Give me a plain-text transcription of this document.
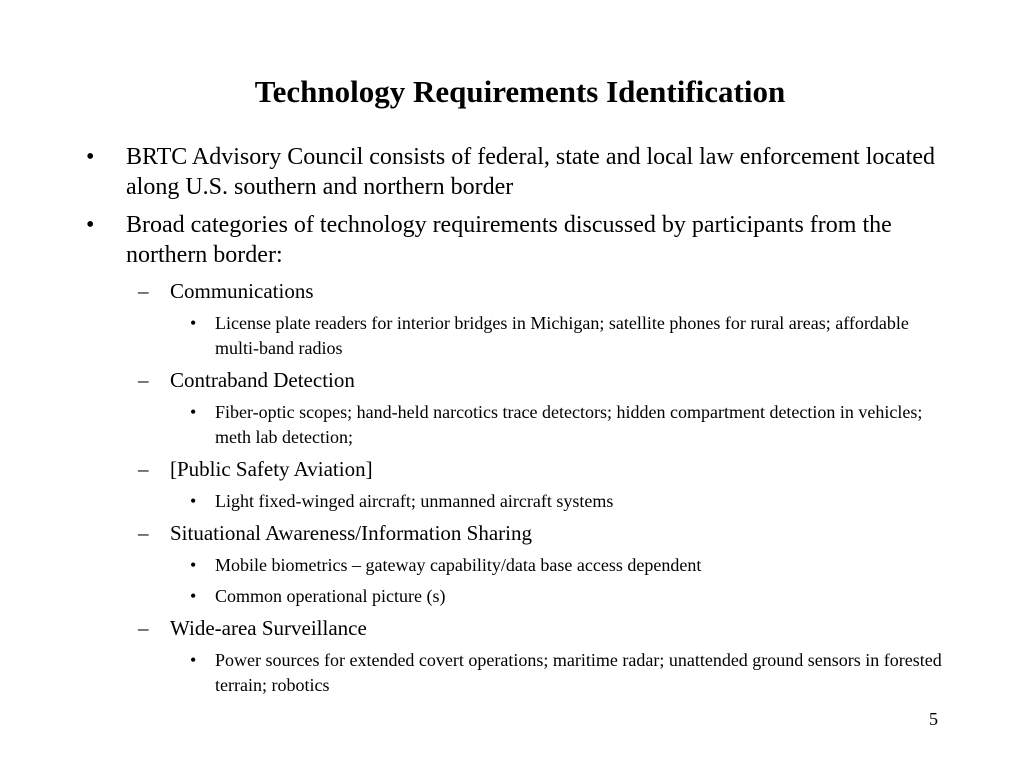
Technology Requirements Identification
• BRTC Advisory Council consists of federal, state and local law enforcement located along U.S. southern and northern border
• Broad categories of technology requirements discussed by participants from the northern border:
– Communications
• License plate readers for interior bridges in Michigan; satellite phones for rural areas; affordable multi-band radios
– Contraband Detection
• Fiber-optic scopes; hand-held narcotics trace detectors; hidden compartment detection in vehicles; meth lab detection;
– [Public Safety Aviation]
• Light fixed-winged aircraft; unmanned aircraft systems
– Situational Awareness/Information Sharing
• Mobile biometrics – gateway capability/data base access dependent
• Common operational picture (s)
– Wide-area Surveillance
• Power sources for extended covert operations; maritime radar; unattended ground sensors in forested terrain; robotics
5
